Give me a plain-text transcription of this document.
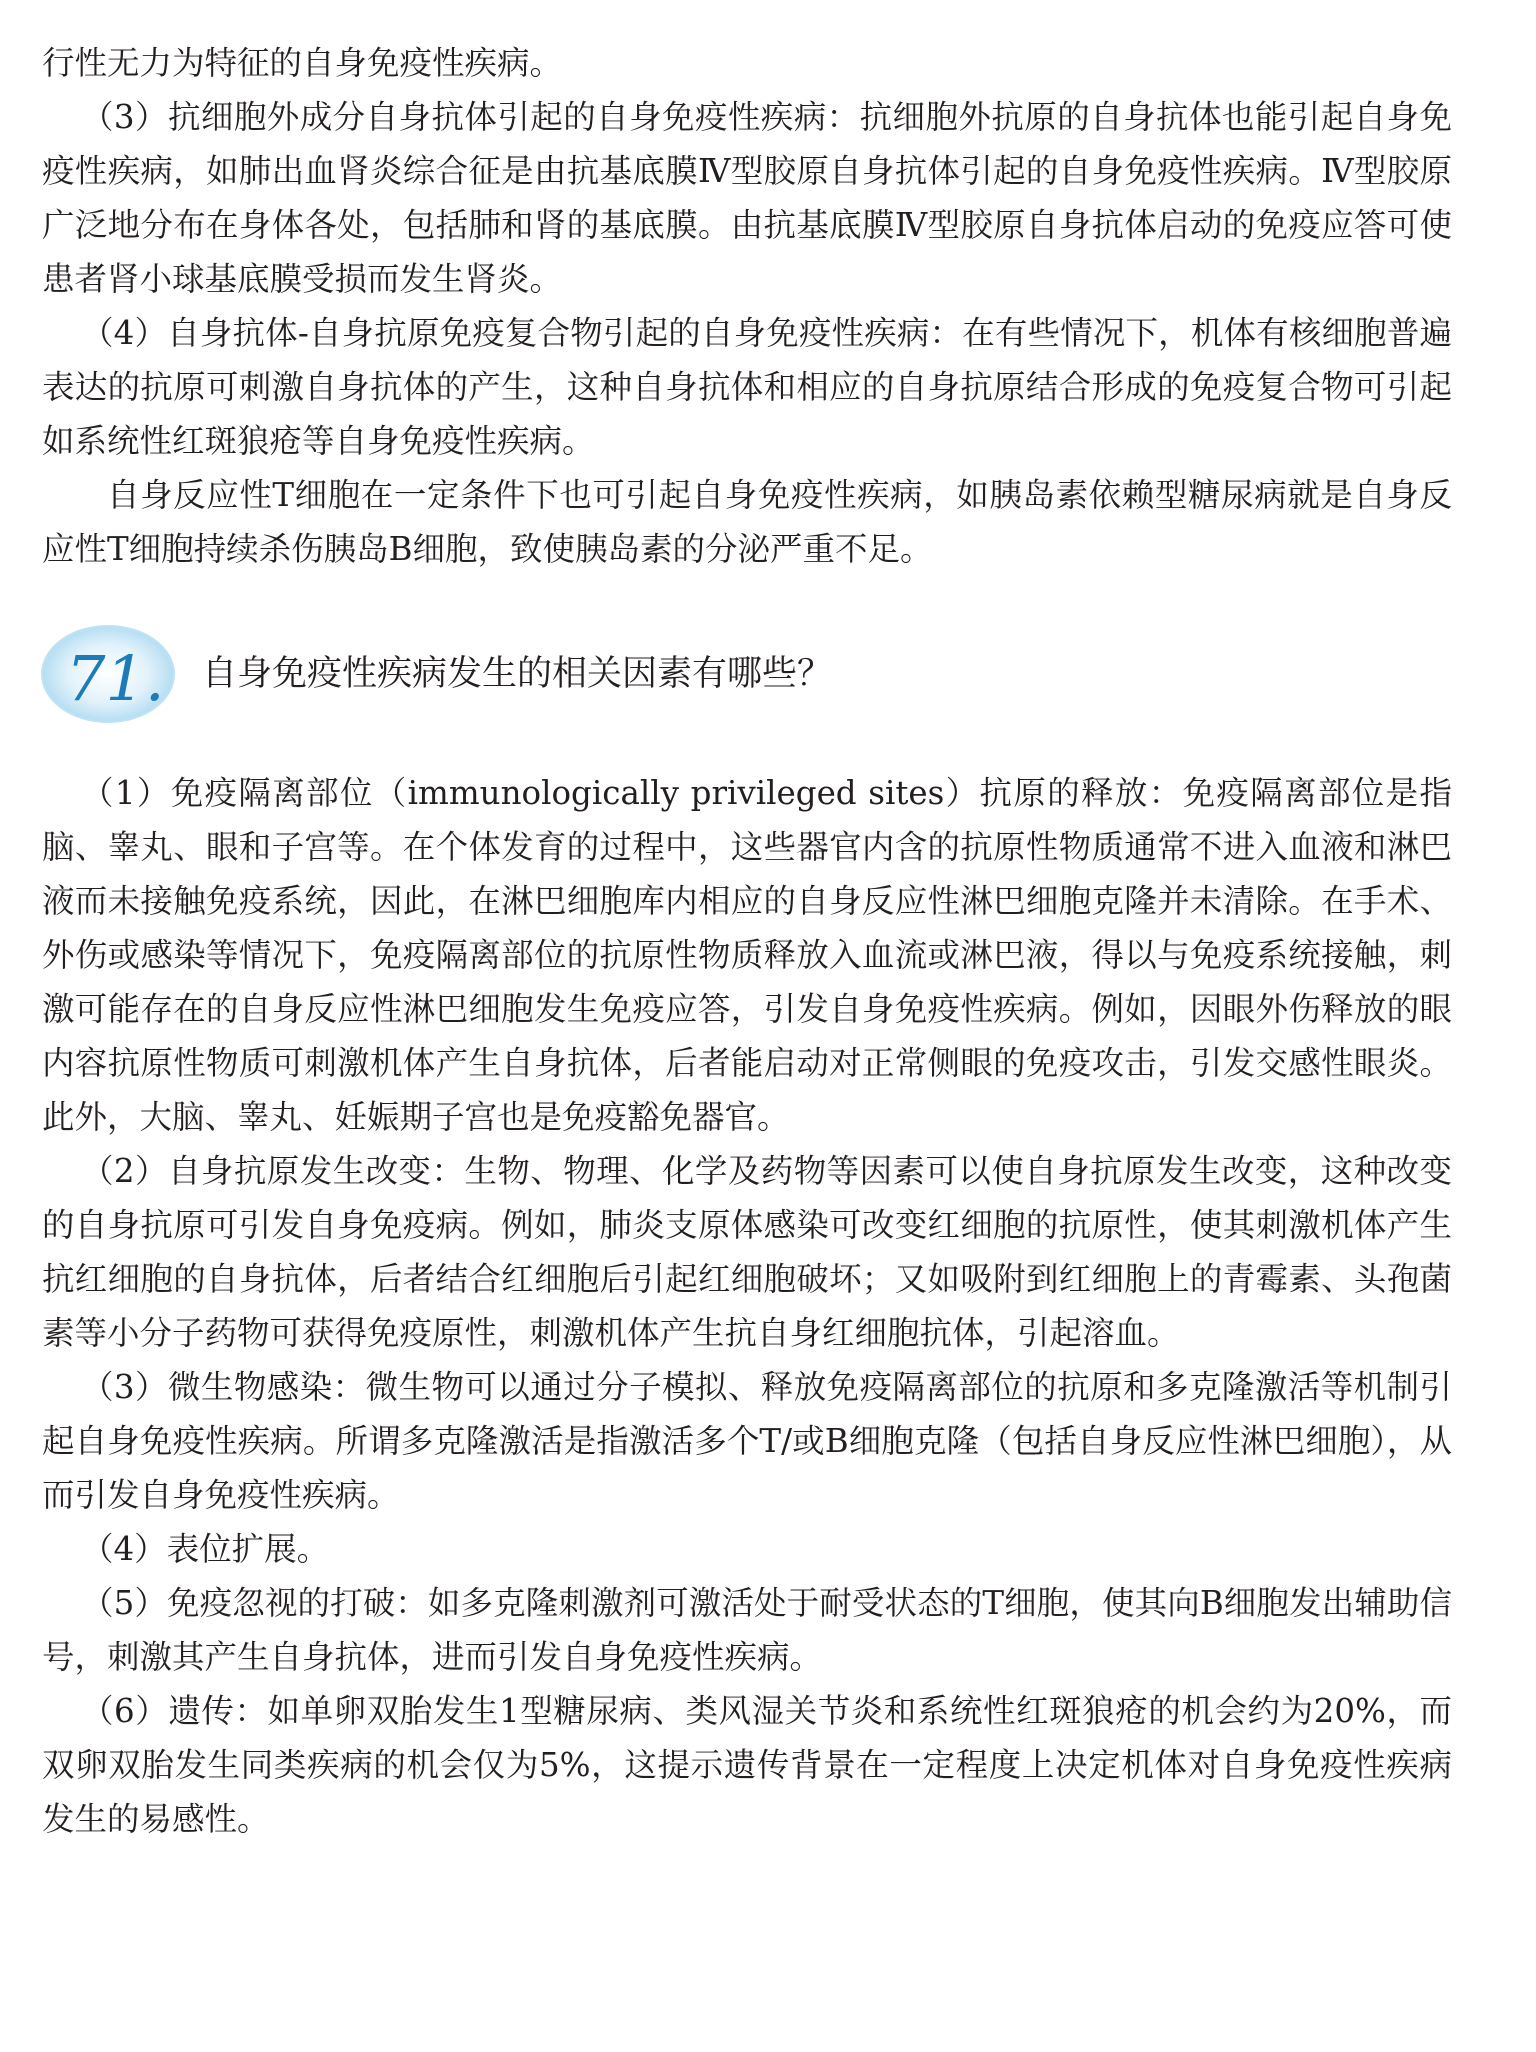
行性无力为特征的自身免疫性疾病。

（3）抗细胞外成分自身抗体引起的自身免疫性疾病：抗细胞外抗原的自身抗体也能引起自身免疫性疾病，如肺出血肾炎综合征是由抗基底膜Ⅳ型胶原自身抗体引起的自身免疫性疾病。Ⅳ型胶原广泛地分布在身体各处，包括肺和肾的基底膜。由抗基底膜Ⅳ型胶原自身抗体启动的免疫应答可使患者肾小球基底膜受损而发生肾炎。

（4）自身抗体-自身抗原免疫复合物引起的自身免疫性疾病：在有些情况下，机体有核细胞普遍表达的抗原可刺激自身抗体的产生，这种自身抗体和相应的自身抗原结合形成的免疫复合物可引起如系统性红斑狼疮等自身免疫性疾病。

自身反应性T细胞在一定条件下也可引起自身免疫性疾病，如胰岛素依赖型糖尿病就是自身反应性T细胞持续杀伤胰岛B细胞，致使胰岛素的分泌严重不足。

71. 自身免疫性疾病发生的相关因素有哪些？

（1）免疫隔离部位（immunologically privileged sites）抗原的释放：免疫隔离部位是指脑、睾丸、眼和子宫等。在个体发育的过程中，这些器官内含的抗原性物质通常不进入血液和淋巴液而未接触免疫系统，因此，在淋巴细胞库内相应的自身反应性淋巴细胞克隆并未清除。在手术、外伤或感染等情况下，免疫隔离部位的抗原性物质释放入血流或淋巴液，得以与免疫系统接触，刺激可能存在的自身反应性淋巴细胞发生免疫应答，引发自身免疫性疾病。例如，因眼外伤释放的眼内容抗原性物质可刺激机体产生自身抗体，后者能启动对正常侧眼的免疫攻击，引发交感性眼炎。此外，大脑、睾丸、妊娠期子宫也是免疫豁免器官。

（2）自身抗原发生改变：生物、物理、化学及药物等因素可以使自身抗原发生改变，这种改变的自身抗原可引发自身免疫病。例如，肺炎支原体感染可改变红细胞的抗原性，使其刺激机体产生抗红细胞的自身抗体，后者结合红细胞后引起红细胞破坏；又如吸附到红细胞上的青霉素、头孢菌素等小分子药物可获得免疫原性，刺激机体产生抗自身红细胞抗体，引起溶血。

（3）微生物感染：微生物可以通过分子模拟、释放免疫隔离部位的抗原和多克隆激活等机制引起自身免疫性疾病。所谓多克隆激活是指激活多个T/或B细胞克隆（包括自身反应性淋巴细胞），从而引发自身免疫性疾病。

（4）表位扩展。

（5）免疫忽视的打破：如多克隆刺激剂可激活处于耐受状态的T细胞，使其向B细胞发出辅助信号，刺激其产生自身抗体，进而引发自身免疫性疾病。

（6）遗传：如单卵双胎发生1型糖尿病、类风湿关节炎和系统性红斑狼疮的机会约为20%，而双卵双胎发生同类疾病的机会仅为5%，这提示遗传背景在一定程度上决定机体对自身免疫性疾病发生的易感性。
